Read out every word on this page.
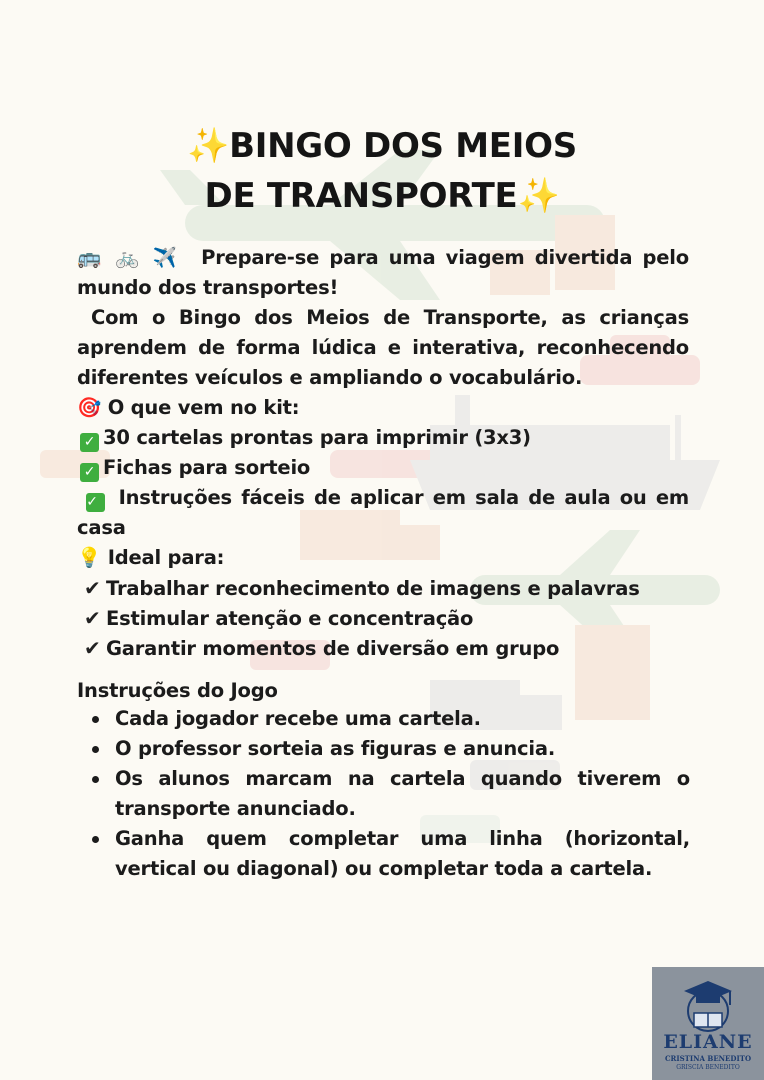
✨BINGO DOS MEIOS
DE TRANSPORTE✨
🚌 🚲 ✈️ Prepare-se para uma viagem divertida pelo mundo dos transportes!
Com o Bingo dos Meios de Transporte, as crianças aprendem de forma lúdica e interativa, reconhecendo diferentes veículos e ampliando o vocabulário.
🎯 O que vem no kit:
✓ 30 cartelas prontas para imprimir (3x3)
✓ Fichas para sorteio
✓ Instruções fáceis de aplicar em sala de aula ou em casa
💡 Ideal para:
✔ Trabalhar reconhecimento de imagens e palavras
✔ Estimular atenção e concentração
✔ Garantir momentos de diversão em grupo
Instruções do Jogo
Cada jogador recebe uma cartela.
O professor sorteia as figuras e anuncia.
Os alunos marcam na cartela quando tiverem o transporte anunciado.
Ganha quem completar uma linha (horizontal, vertical ou diagonal) ou completar toda a cartela.
ELIANE
CRISTINA BENEDITO
GRISCIA BENEDITO
